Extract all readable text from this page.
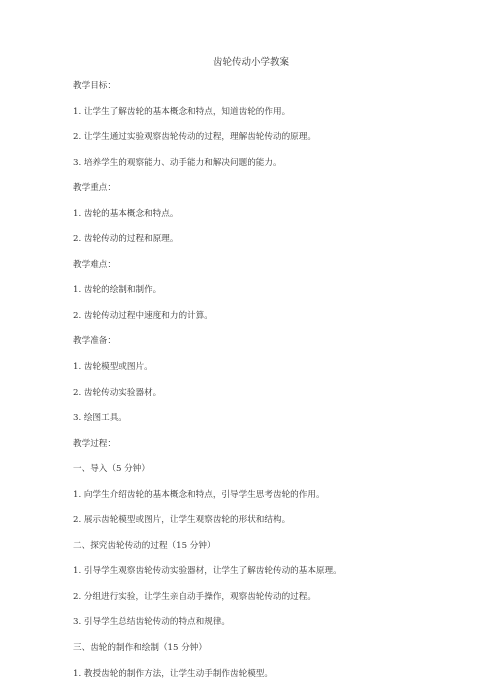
齿轮传动小学教案
教学目标：
1. 让学生了解齿轮的基本概念和特点，知道齿轮的作用。
2. 让学生通过实验观察齿轮传动的过程，理解齿轮传动的原理。
3. 培养学生的观察能力、动手能力和解决问题的能力。
教学重点：
1. 齿轮的基本概念和特点。
2. 齿轮传动的过程和原理。
教学难点：
1. 齿轮的绘制和制作。
2. 齿轮传动过程中速度和力的计算。
教学准备：
1. 齿轮模型或图片。
2. 齿轮传动实验器材。
3. 绘图工具。
教学过程：
一、导入（5 分钟）
1. 向学生介绍齿轮的基本概念和特点，引导学生思考齿轮的作用。
2. 展示齿轮模型或图片，让学生观察齿轮的形状和结构。
二、探究齿轮传动的过程（15 分钟）
1. 引导学生观察齿轮传动实验器材，让学生了解齿轮传动的基本原理。
2. 分组进行实验，让学生亲自动手操作，观察齿轮传动的过程。
3. 引导学生总结齿轮传动的特点和规律。
三、齿轮的制作和绘制（15 分钟）
1. 教授齿轮的制作方法，让学生动手制作齿轮模型。
